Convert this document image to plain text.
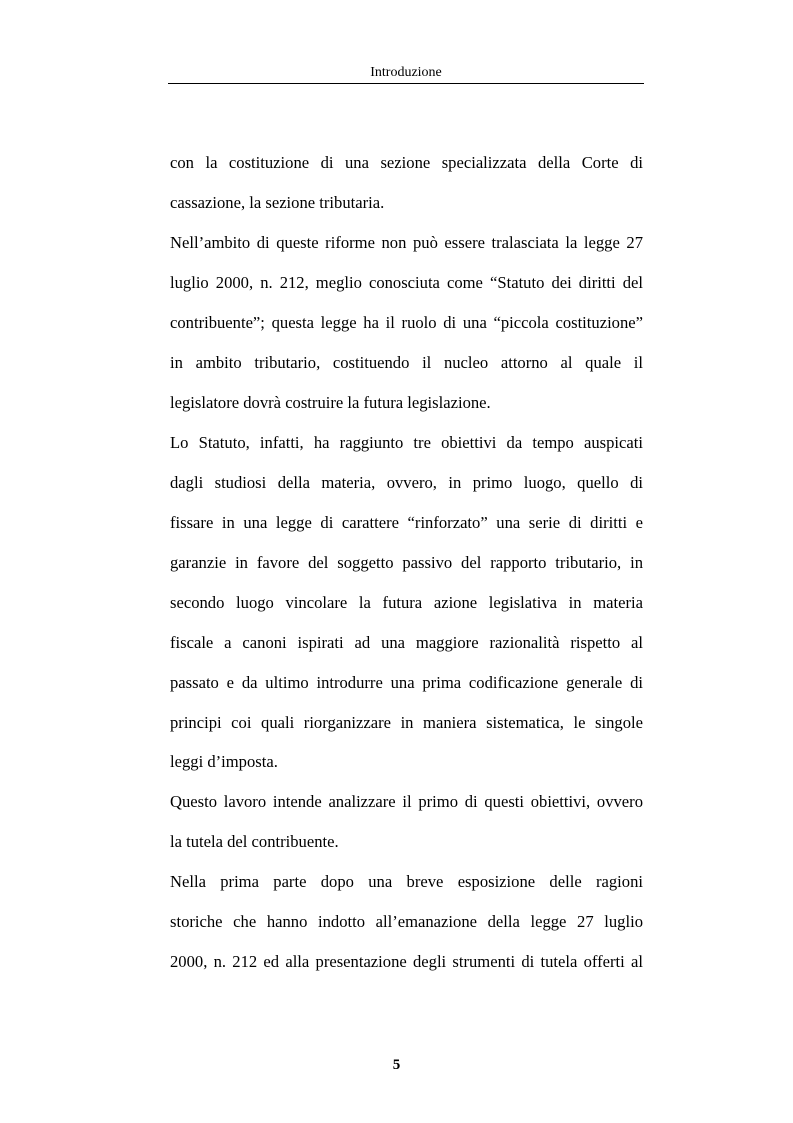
Introduzione
con la costituzione di una sezione specializzata della Corte di
cassazione, la sezione tributaria.
Nell’ambito di queste riforme non può essere tralasciata la legge 27
luglio 2000, n. 212, meglio conosciuta come “Statuto dei diritti del
contribuente”; questa legge ha il ruolo di una “piccola costituzione”
in ambito tributario, costituendo il nucleo attorno al quale il
legislatore dovrà costruire la futura legislazione.
Lo Statuto, infatti, ha raggiunto tre obiettivi da tempo auspicati
dagli studiosi della materia, ovvero, in primo luogo, quello di
fissare in una legge di carattere “rinforzato” una serie di diritti e
garanzie in favore del soggetto passivo del rapporto tributario, in
secondo luogo vincolare la futura azione legislativa in materia
fiscale a canoni ispirati ad una maggiore razionalità rispetto al
passato e da ultimo introdurre una prima codificazione generale di
principi coi quali riorganizzare in maniera sistematica, le singole
leggi d’imposta.
Questo lavoro intende analizzare il primo di questi obiettivi, ovvero
la tutela del contribuente.
Nella prima parte dopo una breve esposizione delle ragioni
storiche che hanno indotto all’emanazione della legge 27 luglio
2000, n. 212 ed alla presentazione degli strumenti di tutela offerti al
5
